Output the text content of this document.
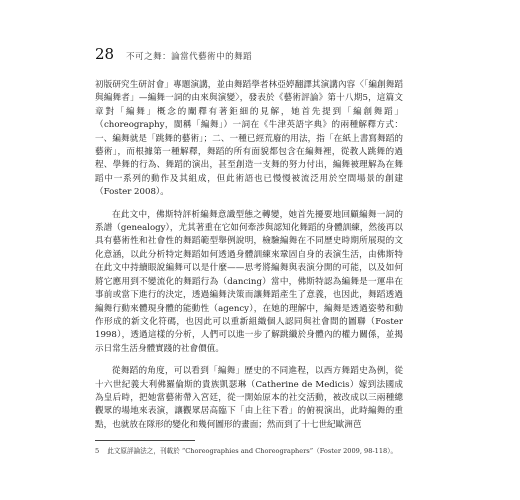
28 不可之舞：論當代藝術中的舞蹈

初版研究生研討會」專題演講，並由舞蹈學者林亞婷翻譯其演講內容〈「編創舞蹈與編舞者」—編舞一詞的由來與演變〉，發表於《藝術評論》第十八期5，這篇文章對「編舞」概念的闡釋有著鉅細的見解，她首先提到「編創舞蹈」（choreography，閩稱「編舞」）一詞在《牛津英語字典》的兩種解釋方式：一、編舞就是「跳舞的藝術」；二、一種已經荒廢的用法，指「在紙上書寫舞蹈的藝術」，而根據第一種解釋，舞蹈的所有面貌都包含在編舞裡，從教人跳舞的過程、學舞的行為、舞蹈的演出，甚至創造一支舞的努力付出，編舞被理解為在舞蹈中一系列的動作及其組成，但此術語也已慢慢被流泛用於空間場景的創建（Foster 2008）。

在此文中，佛斯特評析編舞意識型態之轉變，她首先擾要地回顧編舞一詞的系譜（genealogy），尤其著重在它如何牽涉與認知化舞蹈的身體訓練，然後再以具有藝術性和社會性的舞蹈範型舉例說明，檢驗編舞在不同歷史時期所展現的文化意涵，以此分析特定舞蹈如何透過身體訓練來鞏固自身的表演生活，由佛斯特在此文中持續眼說編舞可以是什麼——思考將編舞與表演分開的可能，以及如何將它應用到不變流化的舞蹈行為（dancing）當中，佛斯特認為編舞是一運串在事前或當下進行的決定，透過編舞決策而讓舞蹈產生了意義，也因此，舞蹈透過編舞行動來體現身體的能動性（agency），在她的理解中，編舞是透過姿勢和動作形成的新文化符碼，也因此可以重新組織個人認同與社會間的圖聯（Foster 1998），透過這樣的分析，人們可以進一步了解跳纖於身體內的權力關係，並揭示日常生活身體實踐的社會價值。

從舞蹈的角度，可以看到「編舞」歷史的不同進程，以西方舞蹈史為例，從十六世紀義大利佛羅倫斯的貴族凱瑟琳（Catherine de Medicis）嫁到法國成為皇后時，把她當藝術帶入宮廷，從一開始原本的社交活動，被改成以三兩種總觀眾的場地來表演，讓觀眾居高臨下「由上往下看」的俯視演出，此時編舞的重點，也就放在隊形的變化和幾何圖形的畫面；然而到了十七世紀歐洲芭

5 此文原評論法之，刊載於 “Choreographies and Choreographers”（Foster 2009, 98-118）。
